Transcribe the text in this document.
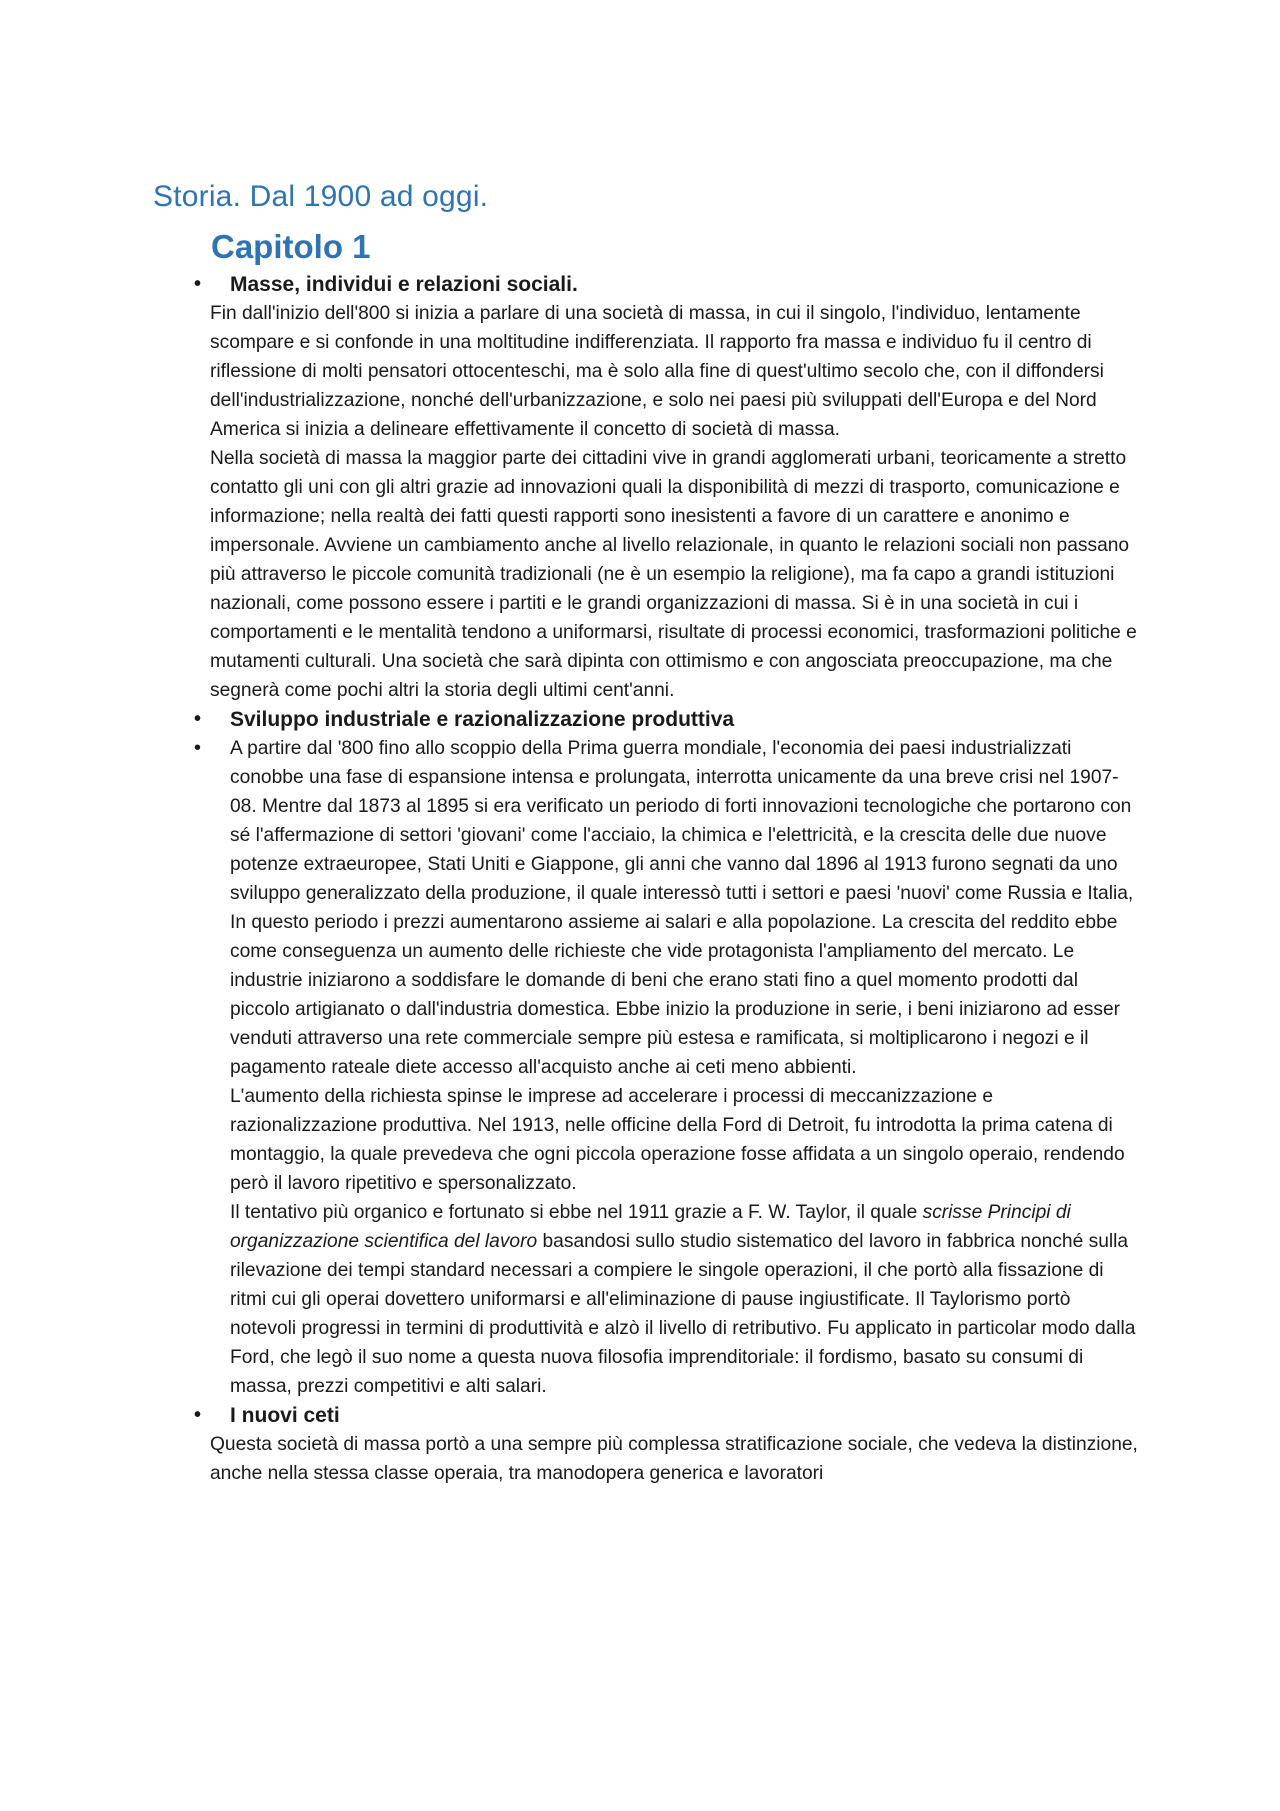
Storia. Dal 1900 ad oggi.
Capitolo 1
• Masse, individui e relazioni sociali.

Fin dall'inizio dell'800 si inizia a parlare di una società di massa, in cui il singolo, l'individuo, lentamente scompare e si confonde in una moltitudine indifferenziata. Il rapporto fra massa e individuo fu il centro di riflessione di molti pensatori ottocenteschi, ma è solo alla fine di quest'ultimo secolo che, con il diffondersi dell'industrializzazione, nonché dell'urbanizzazione, e solo nei paesi più sviluppati dell'Europa e del Nord America si inizia a delineare effettivamente il concetto di società di massa.

Nella società di massa la maggior parte dei cittadini vive in grandi agglomerati urbani, teoricamente a stretto contatto gli uni con gli altri grazie ad innovazioni quali la disponibilità di mezzi di trasporto, comunicazione e informazione; nella realtà dei fatti questi rapporti sono inesistenti a favore di un carattere e anonimo e impersonale. Avviene un cambiamento anche al livello relazionale, in quanto le relazioni sociali non passano più attraverso le piccole comunità tradizionali (ne è un esempio la religione), ma fa capo a grandi istituzioni nazionali, come possono essere i partiti e le grandi organizzazioni di massa. Si è in una società in cui i comportamenti e le mentalità tendono a uniformarsi, risultate di processi economici, trasformazioni politiche e mutamenti culturali. Una società che sarà dipinta con ottimismo e con angosciata preoccupazione, ma che segnerà come pochi altri la storia degli ultimi cent'anni.

• Sviluppo industriale e razionalizzazione produttiva

• A partire dal '800 fino allo scoppio della Prima guerra mondiale, l'economia dei paesi industrializzati conobbe una fase di espansione intensa e prolungata, interrotta unicamente da una breve crisi nel 1907-08. Mentre dal 1873 al 1895 si era verificato un periodo di forti innovazioni tecnologiche che portarono con sé l'affermazione di settori 'giovani' come l'acciaio, la chimica e l'elettricità, e la crescita delle due nuove potenze extraeuropee, Stati Uniti e Giappone, gli anni che vanno dal 1896 al 1913 furono segnati da uno sviluppo generalizzato della produzione, il quale interessò tutti i settori e paesi 'nuovi' come Russia e Italia, In questo periodo i prezzi aumentarono assieme ai salari e alla popolazione. La crescita del reddito ebbe come conseguenza un aumento delle richieste che vide protagonista l'ampliamento del mercato. Le industrie iniziarono a soddisfare le domande di beni che erano stati fino a quel momento prodotti dal piccolo artigianato o dall'industria domestica. Ebbe inizio la produzione in serie, i beni iniziarono ad esser venduti attraverso una rete commerciale sempre più estesa e ramificata, si moltiplicarono i negozi e il pagamento rateale diete accesso all'acquisto anche ai ceti meno abbienti.

L'aumento della richiesta spinse le imprese ad accelerare i processi di meccanizzazione e razionalizzazione produttiva. Nel 1913, nelle officine della Ford di Detroit, fu introdotta la prima catena di montaggio, la quale prevedeva che ogni piccola operazione fosse affidata a un singolo operaio, rendendo però il lavoro ripetitivo e spersonalizzato.

Il tentativo più organico e fortunato si ebbe nel 1911 grazie a F. W. Taylor, il quale scrisse Principi di organizzazione scientifica del lavoro basandosi sullo studio sistematico del lavoro in fabbrica nonché sulla rilevazione dei tempi standard necessari a compiere le singole operazioni, il che portò alla fissazione di ritmi cui gli operai dovettero uniformarsi e all'eliminazione di pause ingiustificate. Il Taylorismo portò notevoli progressi in termini di produttività e alzò il livello di retributivo. Fu applicato in particolar modo dalla Ford, che legò il suo nome a questa nuova filosofia imprenditoriale: il fordismo, basato su consumi di massa, prezzi competitivi e alti salari.

• I nuovi ceti

Questa società di massa portò a una sempre più complessa stratificazione sociale, che vedeva la distinzione, anche nella stessa classe operaia, tra manodopera generica e lavoratori
